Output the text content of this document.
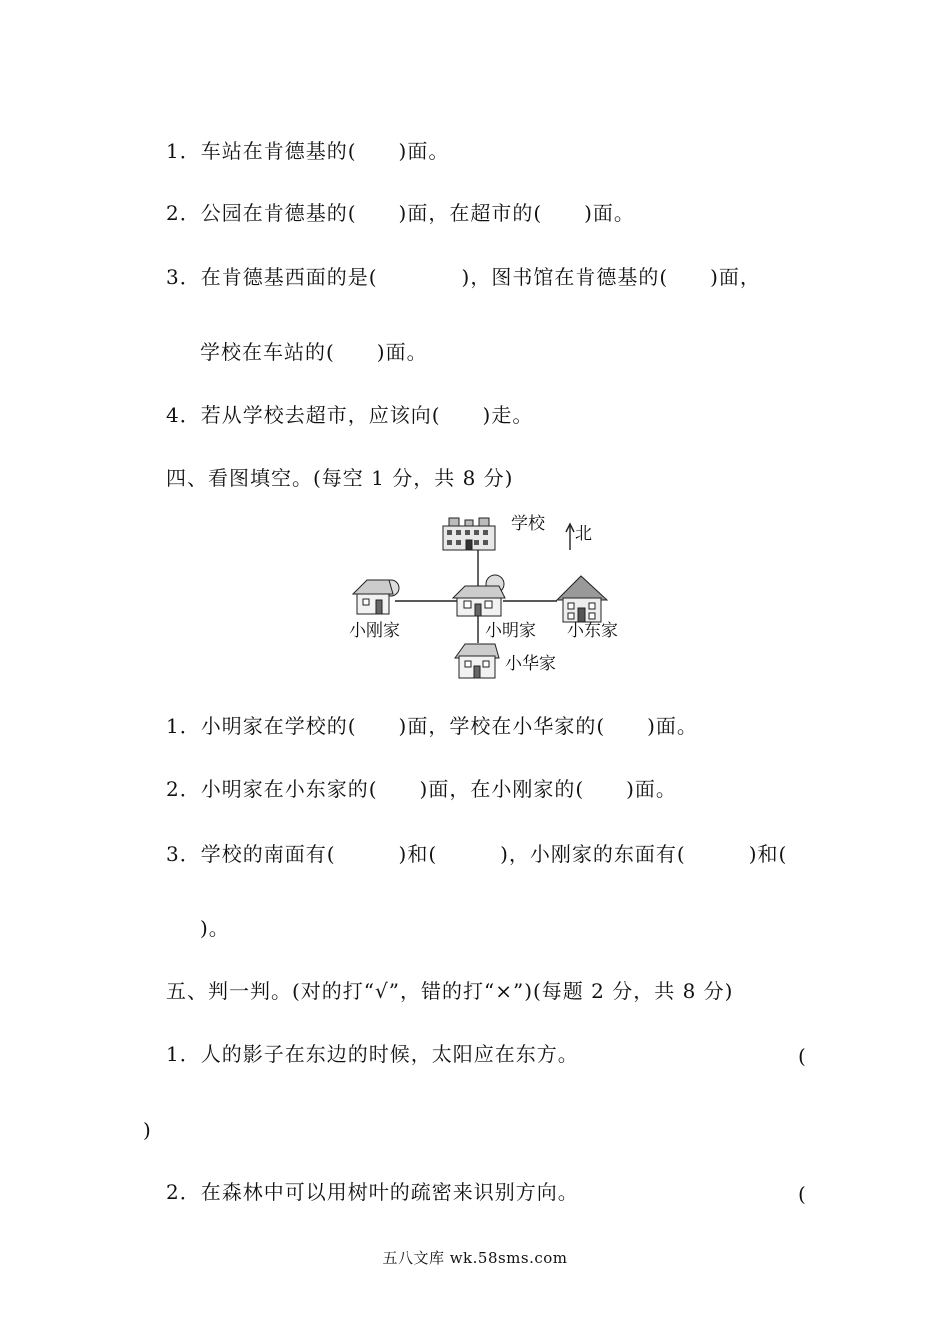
1．车站在肯德基的(　　)面。
2．公园在肯德基的(　　)面，在超市的(　　)面。
3．在肯德基西面的是(　　　　)，图书馆在肯德基的(　　)面，
学校在车站的(　　)面。
4．若从学校去超市，应该向(　　)走。
四、看图填空。(每空 1 分，共 8 分)
学校 北
小刚家	小明家 小东家
小华家
1．小明家在学校的(　　)面，学校在小华家的(　　)面。
2．小明家在小东家的(　　)面，在小刚家的(　　)面。
3．学校的南面有(　　　)和(　　　)，小刚家的东面有(　　　)和(
)。
五、判一判。(对的打“√”，错的打“×”)(每题 2 分，共 8 分)
1．人的影子在东边的时候，太阳应在东方。	(
)
2．在森林中可以用树叶的疏密来识别方向。	(
五八文库 wk.58sms.com
